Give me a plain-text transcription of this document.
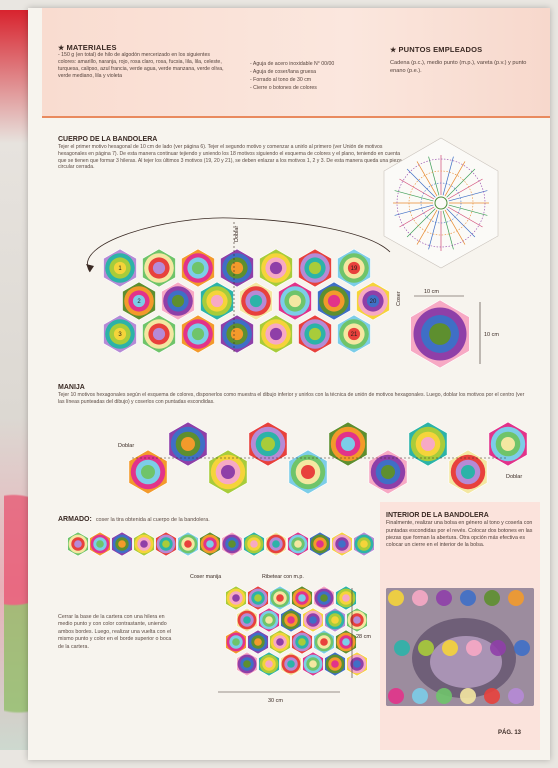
★ MATERIALES
- 150 g (en total) de hilo de algodón mercerizado en los siguientes colores: amarillo, naranja, rojo, rosa claro, rosa, fucsia, lila, lila, celeste, turquesa, calipso, azul francia, verde agua, verde manzana, verde oliva, verde mediano, lila y violeta
- Aguja de acero inoxidable N° 00/00
- Aguja de coser/lana gruesa
- Forrado al tono de 30 cm
- Cierre o botones de colores
★ PUNTOS EMPLEADOS
Cadena (p.c.), medio punto (m.p.), vareta (p.v.) y punto enano (p.e.).
CUERPO DE LA BANDOLERA
Tejer el primer motivo hexagonal de 10 cm de lado (ver página 6). Tejer el segundo motivo y comenzar a unirlo al primero (ver Unión de motivos hexagonales en página 7). De esta manera continuar tejiendo y uniendo los 18 motivos siguiendo el esquema de colores y el plano, teniendo en cuenta que se tienen que formar 3 hileras. Al tejer los últimos 3 motivos (19, 20 y 21), se deben enlazar a los motivos 1, 2 y 3. De esta manera queda una pieza circular cerrada.
1	19
2	20
3	21
Doblar
Coser	10 cm
10 cm
MANIJA
Tejer 10 motivos hexagonales según el esquema de colores, disponerlos como muestra el dibujo inferior y unirlos con la técnica de unión de motivos hexagonales. Luego, doblar los motivos por el centro (ver las líneas punteadas del dibujo) y coserlos con puntadas escondidas.
Doblar
Doblar
ARMADO: coser la tira obtenida al cuerpo de la bandolera.
Coser manija	Ribetear con m.p.
28 cm
30 cm
Cerrar la base de la cartera con una hilera en medio punto y con color contrastante, uniendo ambos bordes. Luego, realizar una vuelta con el mismo punto y color en el borde superior o boca de la cartera.
INTERIOR DE LA BANDOLERA
Finalmente, realizar una bolsa en género al tono y coserla con puntadas escondidas por el revés. Colocar dos botones en las piezas que forman la abertura. Otra opción más efectiva es colocar un cierre en el interior de la bolsa.
PÁG. 13
